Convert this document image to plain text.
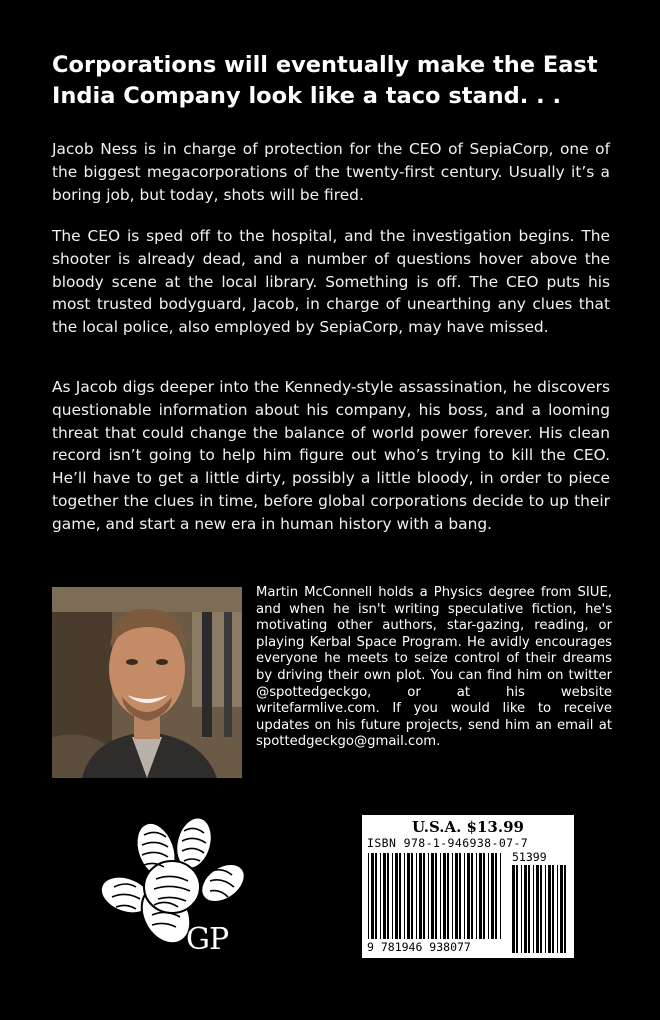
Corporations will eventually make the East India Company look like a taco stand. . .

Jacob Ness is in charge of protection for the CEO of SepiaCorp, one of the biggest megacorporations of the twenty-first century. Usually it’s a boring job, but today, shots will be fired.

The CEO is sped off to the hospital, and the investigation begins. The shooter is already dead, and a number of questions hover above the bloody scene at the local library. Something is off. The CEO puts his most trusted bodyguard, Jacob, in charge of unearthing any clues that the local police, also employed by SepiaCorp, may have missed.

As Jacob digs deeper into the Kennedy-style assassination, he discovers questionable information about his company, his boss, and a looming threat that could change the balance of world power forever. His clean record isn’t going to help him figure out who’s trying to kill the CEO. He’ll have to get a little dirty, possibly a little bloody, in order to piece together the clues in time, before global corporations decide to up their game, and start a new era in human history with a bang.

Martin McConnell holds a Physics degree from SIUE, and when he isn't writing speculative fiction, he's motivating other authors, star-gazing, reading, or playing Kerbal Space Program. He avidly encourages everyone he meets to seize control of their dreams by driving their own plot. You can find him on twitter @spottedgeckgo, or at his website writefarmlive.com. If you would like to receive updates on his future projects, send him an email at spottedgeckgo@gmail.com.

GP
U.S.A. $13.99
ISBN 978-1-946938-07-7
51399
9 781946 938077
